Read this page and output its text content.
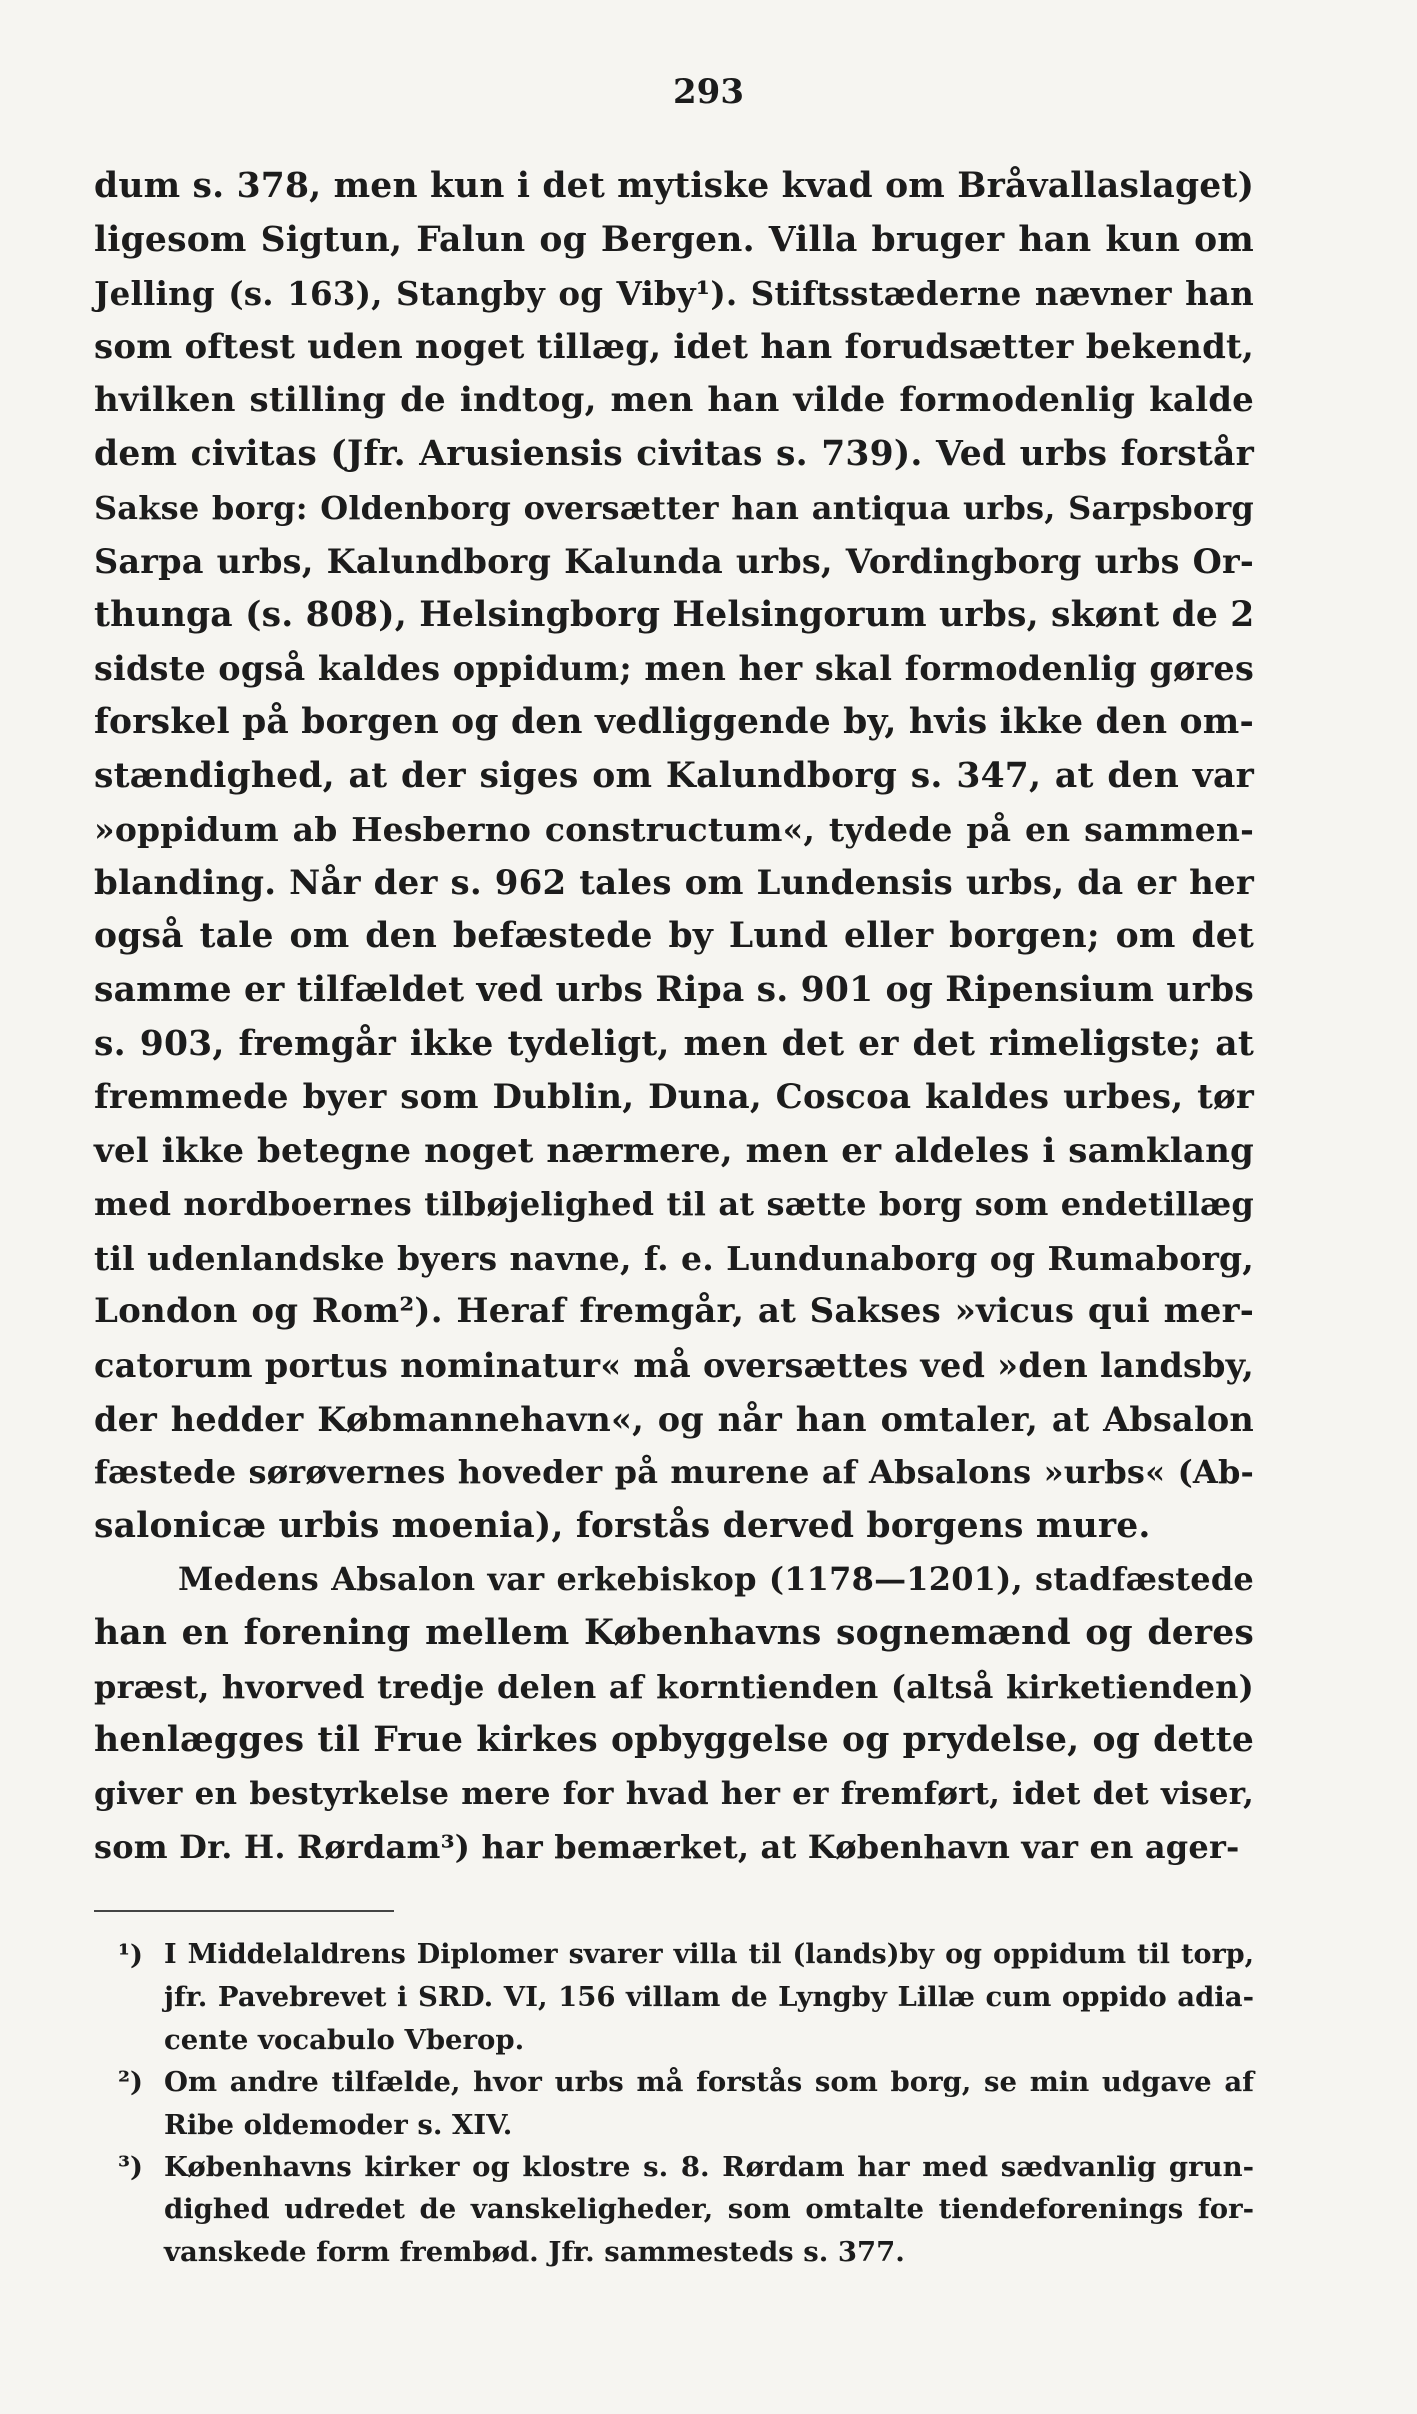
293
dum s. 378, men kun i det mytiske kvad om Bråvallaslaget)
ligesom Sigtun, Falun og Bergen. Villa bruger han kun om
Jelling (s. 163), Stangby og Viby¹). Stiftsstæderne nævner han
som oftest uden noget tillæg, idet han forudsætter bekendt,
hvilken stilling de indtog, men han vilde formodenlig kalde
dem civitas (Jfr. Arusiensis civitas s. 739). Ved urbs forstår
Sakse borg: Oldenborg oversætter han antiqua urbs, Sarpsborg
Sarpa urbs, Kalundborg Kalunda urbs, Vordingborg urbs Or-
thunga (s. 808), Helsingborg Helsingorum urbs, skønt de 2
sidste også kaldes oppidum; men her skal formodenlig gøres
forskel på borgen og den vedliggende by, hvis ikke den om-
stændighed, at der siges om Kalundborg s. 347, at den var
»oppidum ab Hesberno constructum«, tydede på en sammen-
blanding. Når der s. 962 tales om Lundensis urbs, da er her
også tale om den befæstede by Lund eller borgen; om det
samme er tilfældet ved urbs Ripa s. 901 og Ripensium urbs
s. 903, fremgår ikke tydeligt, men det er det rimeligste; at
fremmede byer som Dublin, Duna, Coscoa kaldes urbes, tør
vel ikke betegne noget nærmere, men er aldeles i samklang
med nordboernes tilbøjelighed til at sætte borg som endetillæg
til udenlandske byers navne, f. e. Lundunaborg og Rumaborg,
London og Rom²). Heraf fremgår, at Sakses »vicus qui mer-
catorum portus nominatur« må oversættes ved »den landsby,
der hedder Købmannehavn«, og når han omtaler, at Absalon
fæstede sørøvernes hoveder på murene af Absalons »urbs« (Ab-
salonicæ urbis moenia), forstås derved borgens mure.
Medens Absalon var erkebiskop (1178—1201), stadfæstede
han en forening mellem Københavns sognemænd og deres
præst, hvorved tredje delen af korntienden (altså kirketienden)
henlægges til Frue kirkes opbyggelse og prydelse, og dette
giver en bestyrkelse mere for hvad her er fremført, idet det viser,
som Dr. H. Rørdam³) har bemærket, at København var en ager-
¹) I Middelaldrens Diplomer svarer villa til (lands)by og oppidum til torp,
jfr. Pavebrevet i SRD. VI, 156 villam de Lyngby Lillæ cum oppido adia-
cente vocabulo Vberop.
²) Om andre tilfælde, hvor urbs må forstås som borg, se min udgave af
Ribe oldemoder s. XIV.
³) Københavns kirker og klostre s. 8. Rørdam har med sædvanlig grun-
dighed udredet de vanskeligheder, som omtalte tiendeforenings for-
vanskede form frembød. Jfr. sammesteds s. 377.
